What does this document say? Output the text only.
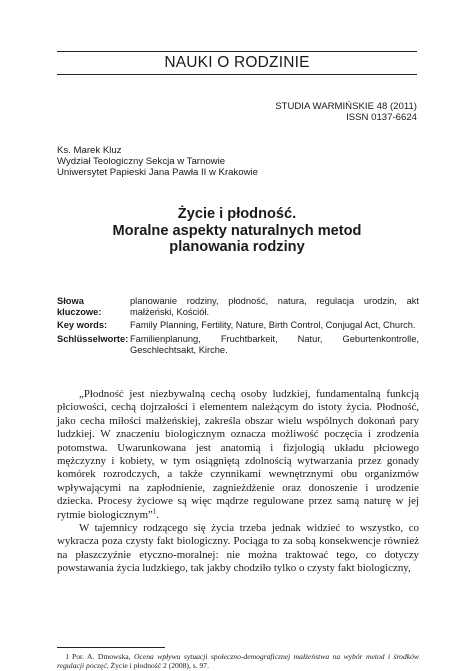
NAUKI O RODZINIE
STUDIA WARMIŃSKIE 48 (2011)
ISSN 0137-6624
Ks. Marek Kluz
Wydział Teologiczny Sekcja w Tarnowie
Uniwersytet Papieski Jana Pawła II w Krakowie
Życie i płodność.
Moralne aspekty naturalnych metod
planowania rodziny
Słowa kluczowe:
planowanie rodziny, płodność, natura, regulacja urodzin, akt małżeński, Kościół.
Key words:	Family Planning, Fertility, Nature, Birth Control, Conjugal Act, Church.
Schlüsselworte: Familienplanung, Fruchtbarkeit, Natur, Geburtenkontrolle, Geschlechtsakt, Kirche.

„Płodność jest niezbywalną cechą osoby ludzkiej, fundamentalną funkcją płciowości, cechą dojrzałości i elementem należącym do istoty życia. Płodność, jako cecha miłości małżeńskiej, zakreśla obszar wielu wspólnych dokonań pary ludzkiej. W znaczeniu biologicznym oznacza możliwość poczęcia i zrodzenia potomstwa. Uwarunkowana jest anatomią i fizjologią układu płciowego mężczyzny i kobiety, w tym osiągniętą zdolnością wytwarzania przez gonady komórek rozrodczych, a także czynnikami wewnętrznymi obu organizmów wpływającymi na zapłodnienie, zagnieżdżenie oraz donoszenie i urodzenie dziecka. Procesy życiowe są więc mądrze regulowane przez samą naturę w jej rytmie biologicznym”$^1$.

W tajemnicy rodzącego się życia trzeba jednak widzieć to wszystko, co wykracza poza czysty fakt biologiczny. Pociąga to za sobą konsekwencje również na płaszczyźnie etyczno-moralnej: nie można traktować tego, co dotyczy powstawania życia ludzkiego, tak jakby chodziło tylko o czysty fakt biologiczny,

1 Por. A. Dmowska, Ocena wpływu sytuacji społeczno-demograficznej małżeństwa na wybór metod i środków regulacji poczęć, Życie i płodność 2 (2008), s. 97.
